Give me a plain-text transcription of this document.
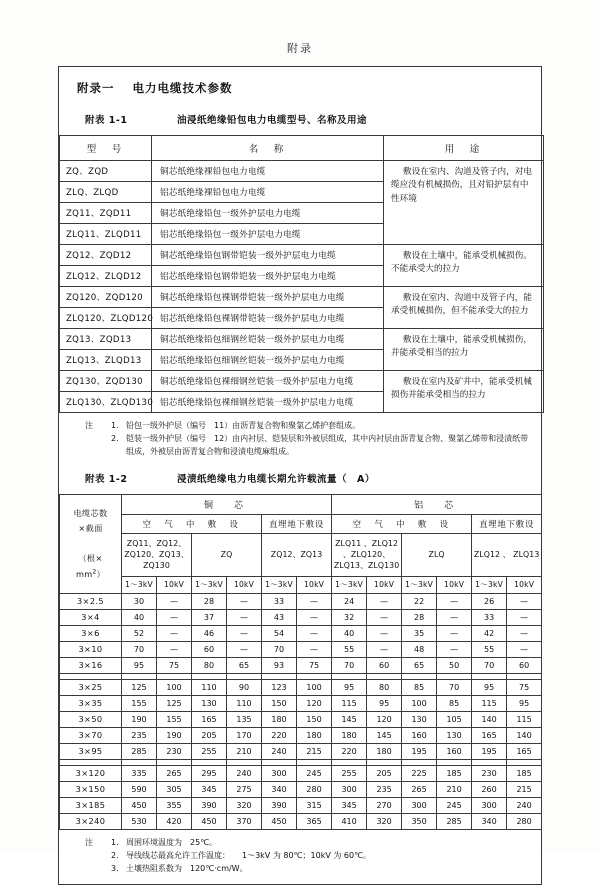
附录
附录一 电力电缆技术参数
附表 1-1	油浸纸绝缘铅包电力电缆型号、名称及用途
型　号	名　称	用　途
ZQ、ZQD	铜芯纸绝缘裸铅包电力电缆	敷设在室内、沟道及管子内，对电缆应没有机械损伤，且对铅护层有中性环境
ZLQ、ZLQD	铝芯纸绝缘裸铅包电力电缆	
ZQ11、ZQD11	铜芯纸绝缘铅包一级外护层电力电缆	
ZLQ11、ZLQD11	铝芯纸绝缘铅包一级外护层电力电缆	
ZQ12、ZQD12	铜芯纸绝缘铅包钢带铠装一级外护层电力电缆	敷设在土壤中，能承受机械损伤。不能承受大的拉力
ZLQ12、ZLQD12	铝芯纸绝缘铅包钢带铠装一级外护层电力电缆	
ZQ120、ZQD120	铜芯纸绝缘铅包裸钢带铠装一级外护层电力电缆	敷设在室内、沟道中及管子内，能承受机械损伤，但不能承受大的拉力
ZLQ120、ZLQD120	铝芯纸绝缘铅包裸钢带铠装一级外护层电力电缆	
ZQ13、ZQD13	铜芯纸绝缘铅包细钢丝铠装一级外护层电力电缆	敷设在土壤中，能承受机械损伤，并能承受相当的拉力
ZLQ13、ZLQD13	铝芯纸绝缘铅包细钢丝铠装一级外护层电力电缆	
ZQ130、ZQD130	铜芯纸绝缘铅包裸细钢丝铠装一级外护层电力电缆	敷设在室内及矿井中，能承受机械损伤并能承受相当的拉力
ZLQ130、ZLQD130	铝芯纸绝缘铅包裸细钢丝铠装一级外护层电力电缆	
注	1. 铅包一级外护层（编号　11）由沥青复合物和聚氯乙烯护套组成。
2. 铠装一级外护层（编号　12）由内衬层、铠装层和外被层组成，其中内衬层由沥青复合物、聚氯乙烯带和浸渍纸带组成，外被层由沥青复合物和浸渍电缆麻组成。
附表 1-2	浸渍纸绝缘电力电缆长期允许载流量（　A）
电缆芯数
×截面

（根×　$mm^2$）	铜　芯						铝　芯					
	空　气　中　敷　设				直埋地下敷设		空　气　中　敷　设				直埋地下敷设	
	ZQ11、ZQ12、ZQ120、ZQ13、ZQ130		ZQ		ZQ12、ZQ13		ZLQ11 、ZLQ12 、ZLQ120、 ZLQ13、ZLQ130		ZLQ		ZLQ12 、 ZLQ13	
	1～3kV	10kV	1～3kV	10kV	1～3kV	10kV	1～3kV	10kV	1～3kV	10kV	1～3kV	10kV
3×2.5	30	—	28	—	33	—	24	—	22	—	26	—
3×4	40	—	37	—	43	—	32	—	28	—	33	—
3×6	52	—	46	—	54	—	40	—	35	—	42	—
3×10	70	—	60	—	70	—	55	—	48	—	55	—
3×16	95	75	80	65	93	75	70	60	65	50	70	60

3×25	125	100	110	90	123	100	95	80	85	70	95	75
3×35	155	125	130	110	150	120	115	95	100	85	115	95
3×50	190	155	165	135	180	150	145	120	130	105	140	115
3×70	235	190	205	170	220	180	180	145	160	130	165	140
3×95	285	230	255	210	240	215	220	180	195	160	195	165

3×120	335	265	295	240	300	245	255	205	225	185	230	185
3×150	590	305	345	275	340	280	300	235	265	210	260	215
3×185	450	355	390	320	390	315	345	270	300	245	300	240
3×240	530	420	450	370	450	365	410	320	350	285	340	280
注	1. 周围环境温度为　25℃。
2. 导线线芯最高允许工作温度：　　1～3kV 为 80℃；10kV 为 60℃。
3. 土壤热阻系数为　120℃·cm/W。
